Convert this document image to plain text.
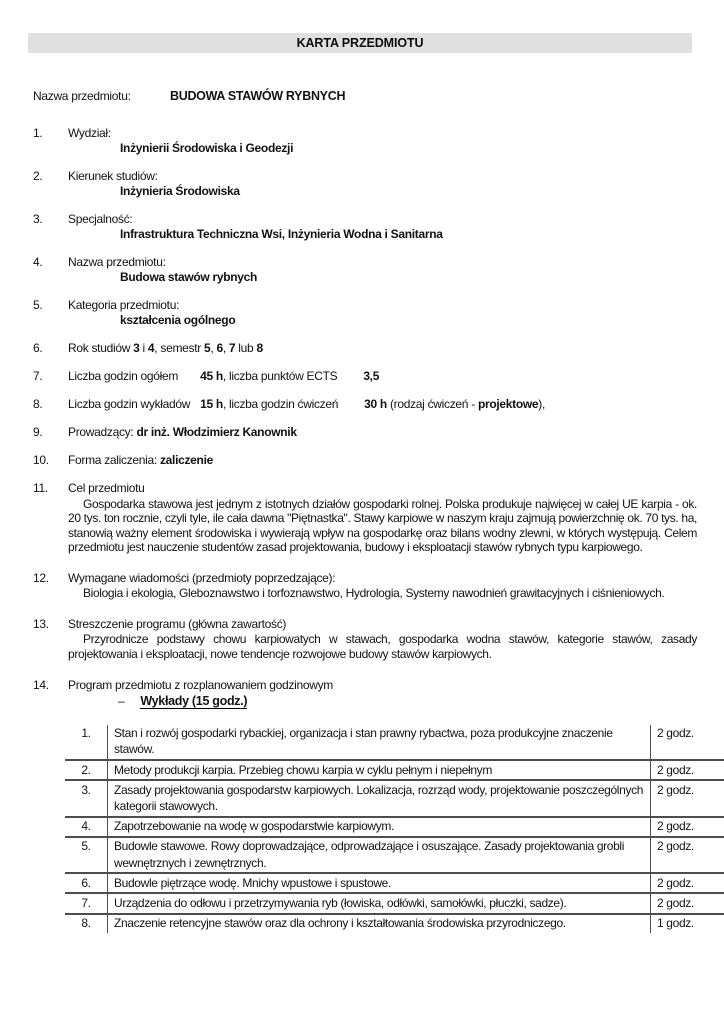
KARTA PRZEDMIOTU
Nazwa przedmiotu:	BUDOWA STAWÓW RYBNYCH
1.	Wydział:
Inżynierii Środowiska i Geodezji
2.	Kierunek studiów:
Inżynieria Środowiska
3.	Specjalność:
Infrastruktura Techniczna Wsi, Inżynieria Wodna i Sanitarna
4.	Nazwa przedmiotu:
Budowa stawów rybnych
5.	Kategoria przedmiotu:
kształcenia ogólnego
6.	Rok studiów 3 i 4, semestr 5, 6, 7 lub 8
7.	Liczba godzin ogółem 45 h, liczba punktów ECTS 3,5
8.	Liczba godzin wykładów 15 h, liczba godzin ćwiczeń 30 h (rodzaj ćwiczeń - projektowe),
9.	Prowadzący: dr inż. Włodzimierz Kanownik
10.	Forma zaliczenia: zaliczenie
11.	Cel przedmiotu
Gospodarka stawowa jest jednym z istotnych działów gospodarki rolnej. Polska produkuje najwięcej w całej UE karpia - ok. 20 tys. ton rocznie, czyli tyle, ile cała dawna "Piętnastka". Stawy karpiowe w naszym kraju zajmują powierzchnię ok. 70 tys. ha, stanowią ważny element środowiska i wywierają wpływ na gospodarkę oraz bilans wodny zlewni, w których występują. Celem przedmiotu jest nauczenie studentów zasad projektowania, budowy i eksploatacji stawów rybnych typu karpiowego.
12.	Wymagane wiadomości (przedmioty poprzedzające):
Biologia i ekologia, Gleboznawstwo i torfoznawstwo, Hydrologia, Systemy nawodnień grawitacyjnych i ciśnieniowych.
13.	Streszczenie programu (główna zawartość)
Przyrodnicze podstawy chowu karpiowatych w stawach, gospodarka wodna stawów, kategorie stawów, zasady projektowania i eksploatacji, nowe tendencje rozwojowe budowy stawów karpiowych.
14.	Program przedmiotu z rozplanowaniem godzinowym
– Wykłady (15 godz.)
1.	Stan i rozwój gospodarki rybackiej, organizacja i stan prawny rybactwa, poza produkcyjne znaczenie stawów.	2 godz.
2.	Metody produkcji karpia. Przebieg chowu karpia w cyklu pełnym i niepełnym	2 godz.
3.	Zasady projektowania gospodarstw karpiowych. Lokalizacja, rozrząd wody, projektowanie poszczególnych kategorii stawowych.	2 godz.
4.	Zapotrzebowanie na wodę w gospodarstwie karpiowym.	2 godz.
5.	Budowle stawowe. Rowy doprowadzające, odprowadzające i osuszające. Zasady projektowania grobli wewnętrznych i zewnętrznych.	2 godz.
6.	Budowle piętrzące wodę. Mnichy wpustowe i spustowe.	2 godz.
7.	Urządzenia do odłowu i przetrzymywania ryb (łowiska, odłówki, samołówki, płuczki, sadze).	2 godz.
8.	Znaczenie retencyjne stawów oraz dla ochrony i kształtowania środowiska przyrodniczego.	1 godz.
